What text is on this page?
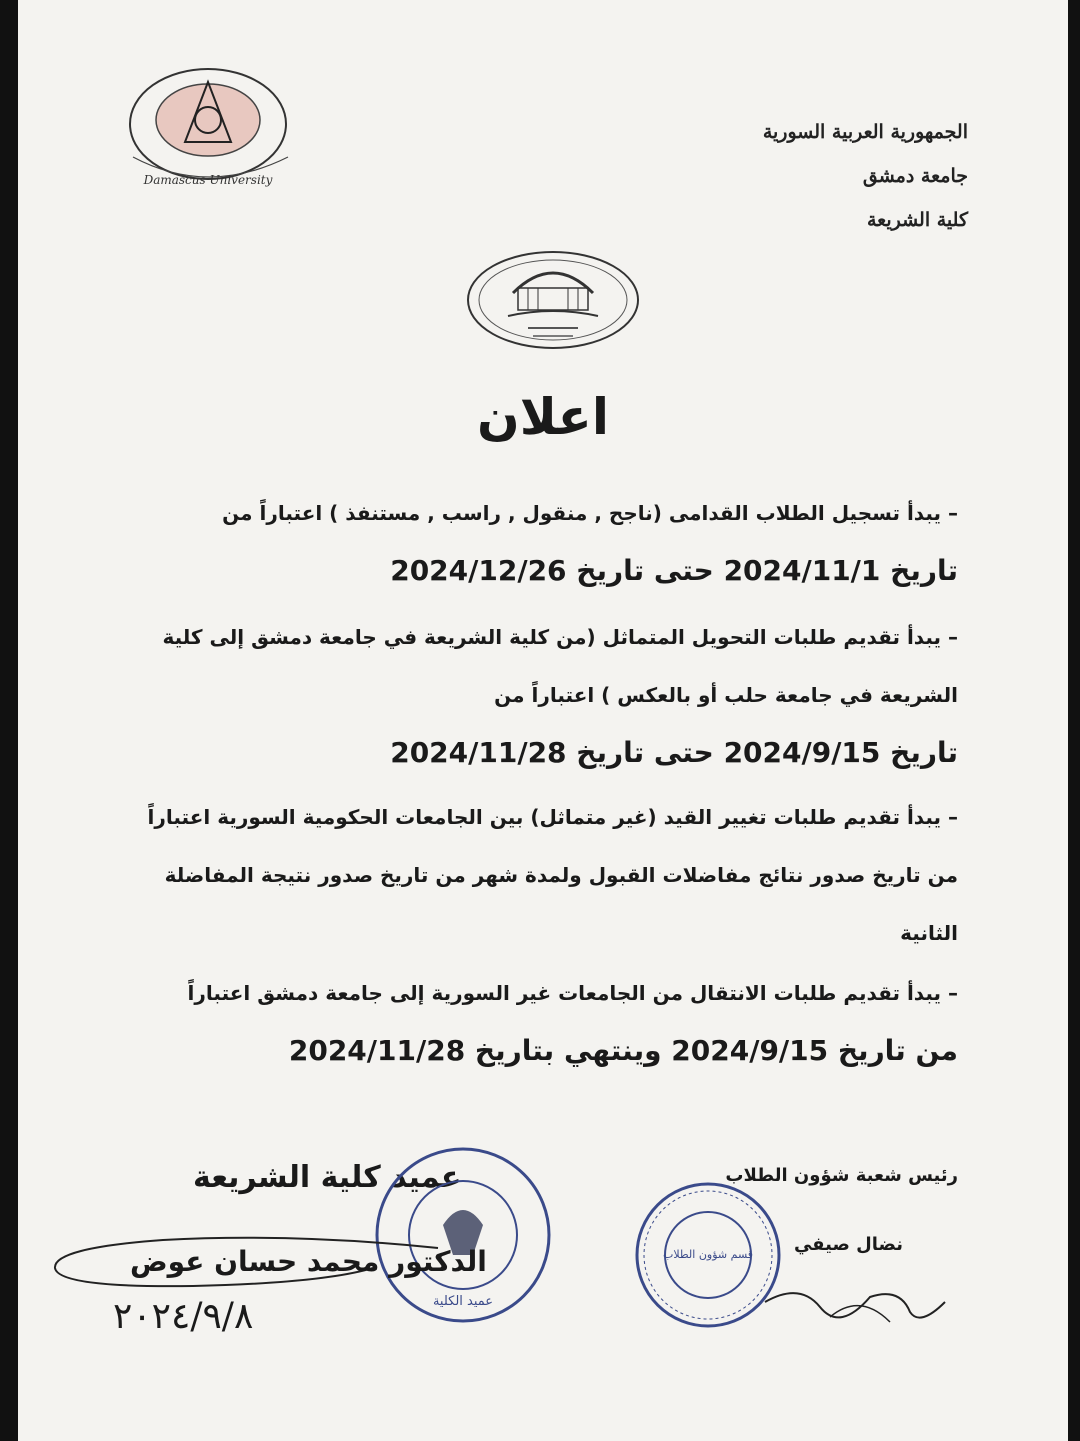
Damascus University
الجمهورية العربية السورية
جامعة دمشق
كلية الشريعة
اعلان
– يبدأ تسجيل الطلاب القدامى (ناجح , منقول , راسب , مستنفذ ) اعتباراً من
تاريخ 2024/11/1 حتى تاريخ 2024/12/26
– يبدأ تقديم طلبات التحويل المتماثل (من كلية الشريعة في جامعة دمشق إلى كلية الشريعة في جامعة حلب أو بالعكس ) اعتباراً من
تاريخ 2024/9/15 حتى تاريخ 2024/11/28
– يبدأ تقديم طلبات تغيير القيد (غير متماثل) بين الجامعات الحكومية السورية اعتباراً من تاريخ صدور نتائج مفاضلات القبول ولمدة شهر من تاريخ صدور نتيجة المفاضلة الثانية
– يبدأ تقديم طلبات الانتقال من الجامعات غير السورية إلى جامعة دمشق اعتباراً
من تاريخ 2024/9/15 وينتهي بتاريخ 2024/11/28
رئيس شعبة شؤون الطلاب
نضال صيفي
قسم شؤون الطلاب
عميد كلية الشريعة
عميد الكلية
الدكتور محمد حسان عوض
٢٠٢٤/٩/٨
